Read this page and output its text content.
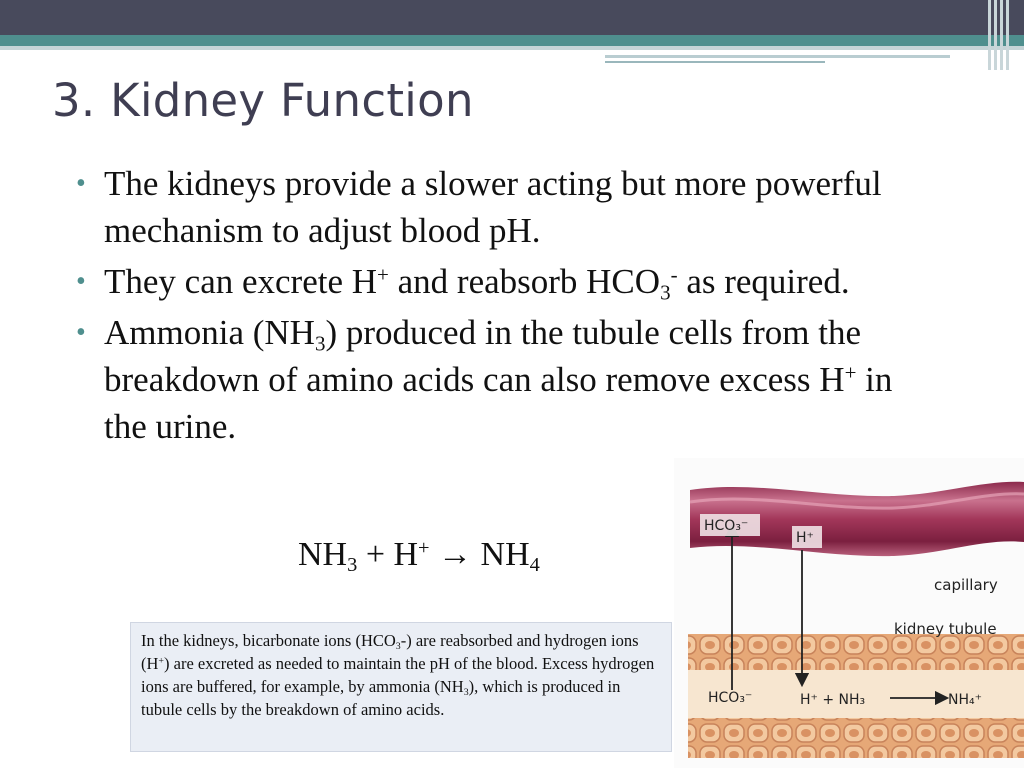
3. Kidney Function
• The kidneys provide a slower acting but more powerful mechanism to adjust blood pH.
• They can excrete H+ and reabsorb $HCO_3^-$ as required.
• Ammonia $(NH_3)$ produced in the tubule cells from the breakdown of amino acids can also remove excess H+ in the urine.
$NH_3 + H^+ \to NH_4$
In the kidneys, bicarbonate ions $(HCO_3-)$ are reabsorbed and hydrogen ions (H+) are excreted as needed to maintain the pH of the blood. Excess hydrogen ions are buffered, for example, by ammonia $(NH_3)$, which is produced in tubule cells by the breakdown of amino acids.
HCO₃⁻
H⁺
capillary
kidney tubule
HCO₃⁻	H⁺ + NH₃	NH₄⁺
